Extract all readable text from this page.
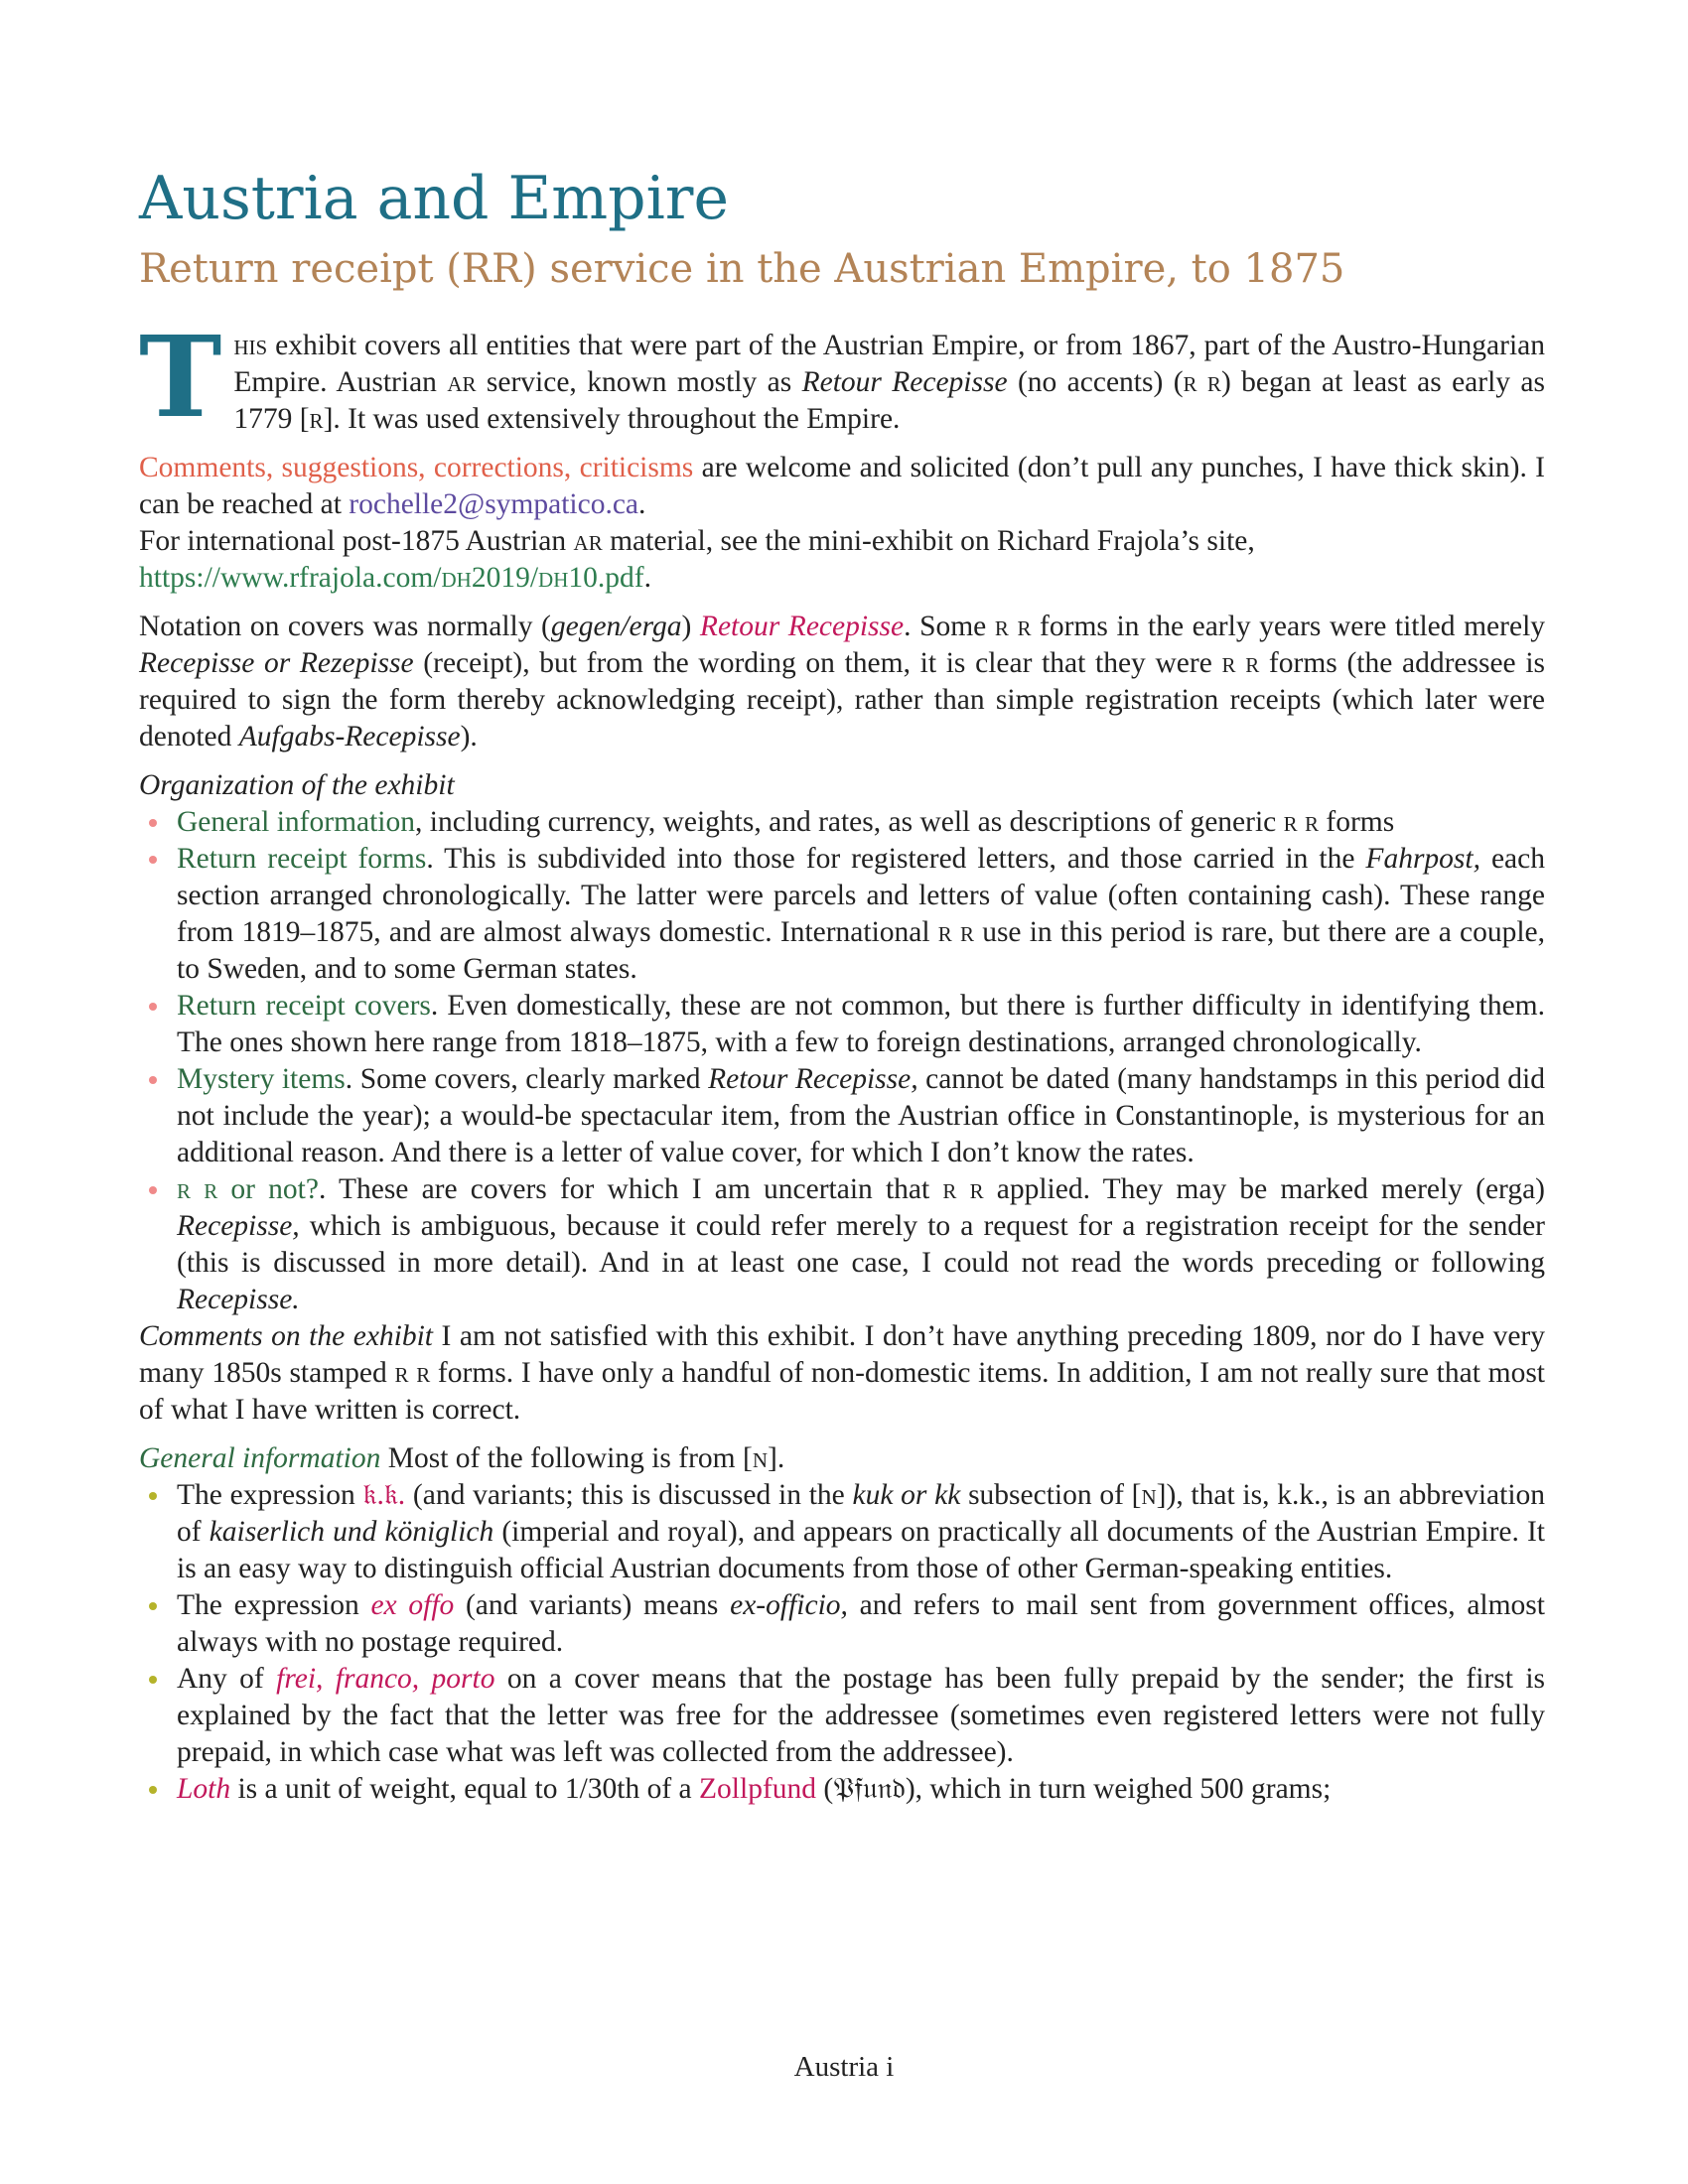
Austria and Empire
Return receipt (RR) service in the Austrian Empire, to 1875

This exhibit covers all entities that were part of the Austrian Empire, or from 1867, part of the Austro-Hungarian Empire. Austrian ar service, known mostly as Retour Recepisse (no accents) (r r) began at least as early as 1779 [r]. It was used extensively throughout the Empire.

Comments, suggestions, corrections, criticisms are welcome and solicited (don’t pull any punches, I have thick skin). I can be reached at rochelle2@sympatico.ca.

For international post-1875 Austrian ar material, see the mini-exhibit on Richard Frajola’s site,
https://www.rfrajola.com/dh2019/dh10.pdf.

Notation on covers was normally (gegen/erga) Retour Recepisse. Some r r forms in the early years were titled merely Recepisse or Rezepisse (receipt), but from the wording on them, it is clear that they were r r forms (the addressee is required to sign the form thereby acknowledging receipt), rather than simple registration receipts (which later were denoted Aufgabs-Recepisse).

Organization of the exhibit

General information, including currency, weights, and rates, as well as descriptions of generic r r forms
Return receipt forms. This is subdivided into those for registered letters, and those carried in the Fahrpost, each section arranged chronologically. The latter were parcels and letters of value (often containing cash). These range from 1819–1875, and are almost always domestic. International r r use in this period is rare, but there are a couple, to Sweden, and to some German states.
Return receipt covers. Even domestically, these are not common, but there is further difficulty in identifying them. The ones shown here range from 1818–1875, with a few to foreign destinations, arranged chronologically.
Mystery items. Some covers, clearly marked Retour Recepisse, cannot be dated (many handstamps in this period did not include the year); a would-be spectacular item, from the Austrian office in Constantinople, is mysterious for an additional reason. And there is a letter of value cover, for which I don’t know the rates.
r r or not?. These are covers for which I am uncertain that r r applied. They may be marked merely (erga) Recepisse, which is ambiguous, because it could refer merely to a request for a registration receipt for the sender (this is discussed in more detail). And in at least one case, I could not read the words preceding or following Recepisse.

Comments on the exhibit I am not satisfied with this exhibit. I don’t have anything preceding 1809, nor do I have very many 1850s stamped r r forms. I have only a handful of non-domestic items. In addition, I am not really sure that most of what I have written is correct.

General information Most of the following is from [n].

The expression 𝔨.𝔨. (and variants; this is discussed in the kuk or kk subsection of [n]), that is, k.k., is an abbreviation of kaiserlich und königlich (imperial and royal), and appears on practically all documents of the Austrian Empire. It is an easy way to distinguish official Austrian documents from those of other German-speaking entities.
The expression ex offo (and variants) means ex-officio, and refers to mail sent from government offices, almost always with no postage required.
Any of frei, franco, porto on a cover means that the postage has been fully prepaid by the sender; the first is explained by the fact that the letter was free for the addressee (sometimes even registered letters were not fully prepaid, in which case what was left was collected from the addressee).
Loth is a unit of weight, equal to 1/30th of a Zollpfund (𝔓𝔣𝔲𝔫𝔡), which in turn weighed 500 grams;
Austria i
